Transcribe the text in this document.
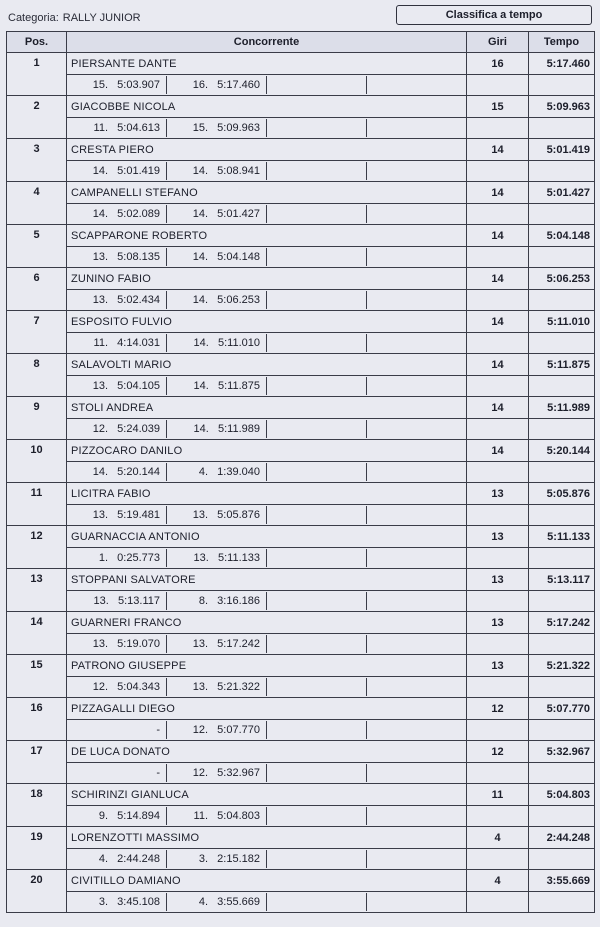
Categoria: RALLY JUNIOR	Classifica a tempo
Pos.	Concorrente	Giri	Tempo
1	PIERSANTE DANTE	16	5:17.460
	15.   5:03.907 16.   5:17.460		
2	GIACOBBE NICOLA	15	5:09.963
	11.   5:04.613 15.   5:09.963		
3	CRESTA PIERO	14	5:01.419
	14.   5:01.419 14.   5:08.941		
4	CAMPANELLI STEFANO	14	5:01.427
	14.   5:02.089 14.   5:01.427		
5	SCAPPARONE ROBERTO	14	5:04.148
	13.   5:08.135 14.   5:04.148		
6	ZUNINO FABIO	14	5:06.253
	13.   5:02.434 14.   5:06.253		
7	ESPOSITO FULVIO	14	5:11.010
	11.   4:14.031 14.   5:11.010		
8	SALAVOLTI MARIO	14	5:11.875
	13.   5:04.105 14.   5:11.875		
9	STOLI ANDREA	14	5:11.989
	12.   5:24.039 14.   5:11.989		
10	PIZZOCARO DANILO	14	5:20.144
	14.   5:20.144 4.   1:39.040		
11	LICITRA FABIO	13	5:05.876
	13.   5:19.481 13.   5:05.876		
12	GUARNACCIA ANTONIO	13	5:11.133
	1.   0:25.773 13.   5:11.133		
13	STOPPANI SALVATORE	13	5:13.117
	13.   5:13.117 8.   3:16.186		
14	GUARNERI FRANCO	13	5:17.242
	13.   5:19.070 13.   5:17.242		
15	PATRONO GIUSEPPE	13	5:21.322
	12.   5:04.343 13.   5:21.322		
16	PIZZAGALLI DIEGO	12	5:07.770
	- 12.   5:07.770		
17	DE LUCA DONATO	12	5:32.967
	- 12.   5:32.967		
18	SCHIRINZI GIANLUCA	11	5:04.803
	9.   5:14.894 11.   5:04.803		
19	LORENZOTTI MASSIMO	4	2:44.248
	4.   2:44.248 3.   2:15.182		
20	CIVITILLO DAMIANO	4	3:55.669
	3.   3:45.108 4.   3:55.669		
